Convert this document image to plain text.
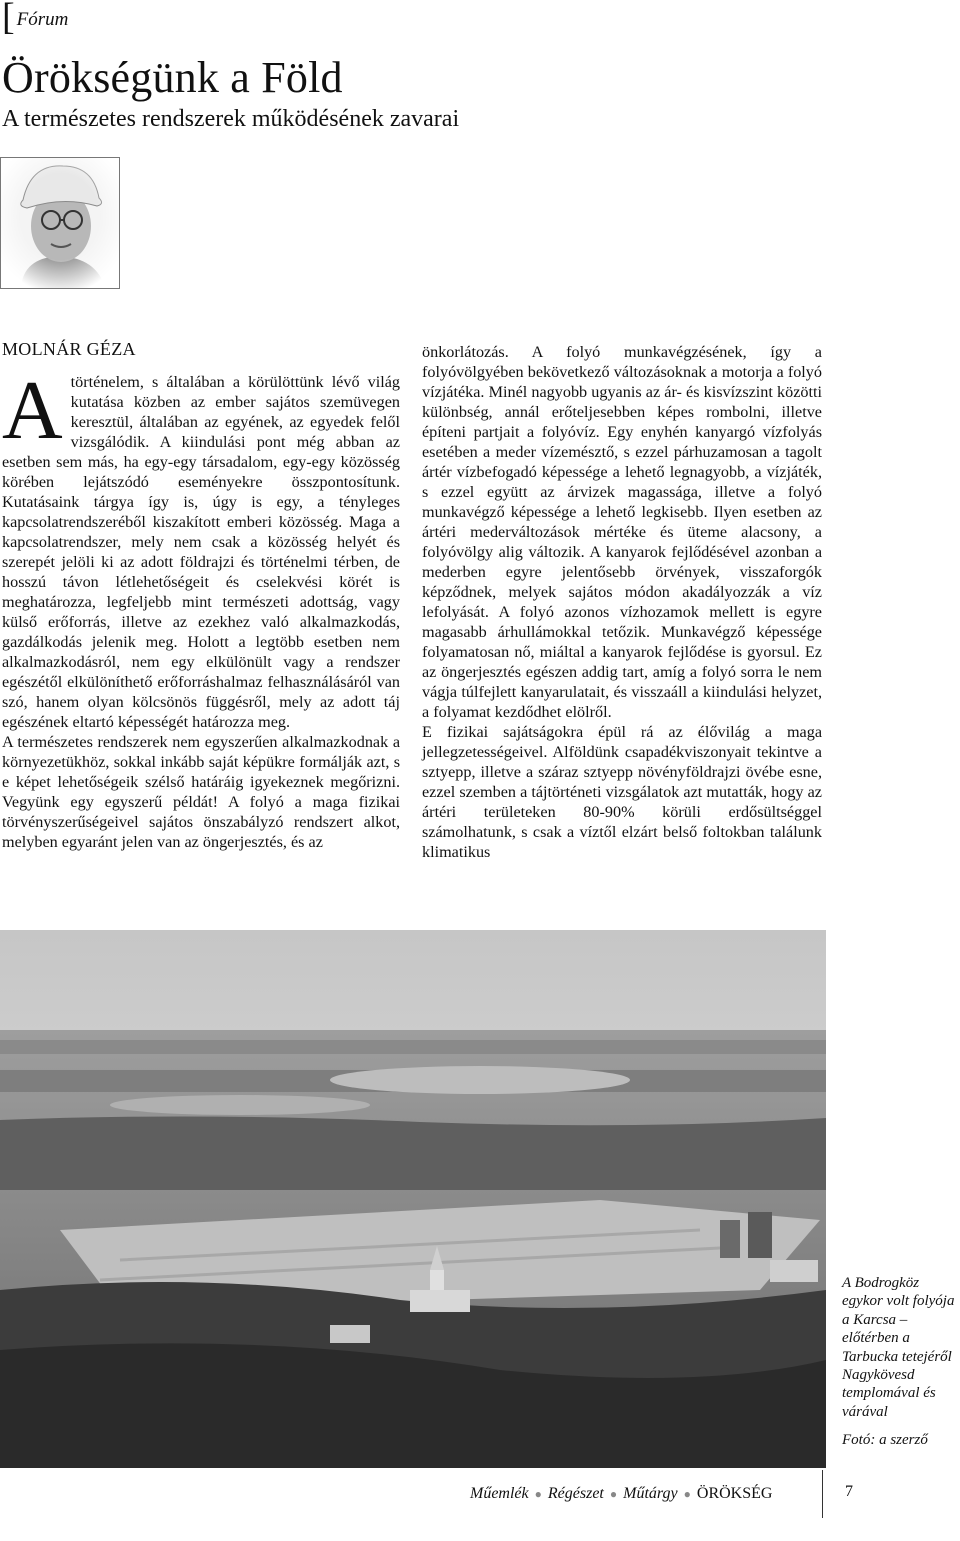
[ Fórum
Örökségünk a Föld
A természetes rendszerek működésének zavarai
MOLNÁR GÉZA

Atörténelem, s általában a körülöttünk lévő világ kutatása közben az ember sajátos szemüvegen keresztül, általában az egyének, az egyedek felől vizsgálódik. A kiindulási pont még abban az esetben sem más, ha egy-egy társadalom, egy-egy közösség körében lejátszódó eseményekre összpontosítunk. Kutatásaink tárgya így is, úgy is egy, a tényleges kapcsolatrendszeréből kiszakított emberi közösség. Maga a kapcsolatrendszer, mely nem csak a közösség helyét és szerepét jelöli ki az adott földrajzi és történelmi térben, de hosszú távon létlehetőségeit és cselekvési körét is meghatározza, legfeljebb mint természeti adottság, vagy külső erőforrás, illetve az ezekhez való alkalmazkodás, gazdálkodás jelenik meg. Holott a legtöbb esetben nem alkalmazkodásról, nem egy elkülönült vagy a rendszer egészétől elkülöníthető erőforráshalmaz felhasználásáról van szó, hanem olyan kölcsönös függésről, mely az adott táj egészének eltartó képességét határozza meg.

A természetes rendszerek nem egyszerűen alkalmazkodnak a környezetükhöz, sokkal inkább saját képükre formálják azt, s e képet lehetőségeik szélső határáig igyekeznek megőrizni. Vegyünk egy egyszerű példát! A folyó a maga fizikai törvényszerűségeivel sajátos önszabályzó rendszert alkot, melyben egyaránt jelen van az öngerjesztés, és az

önkorlátozás. A folyó munkavégzésének, így a folyóvölgyében bekövetkező változásoknak a motorja a folyó vízjátéka. Minél nagyobb ugyanis az ár- és kisvízszint közötti különbség, annál erőteljesebben képes rombolni, illetve építeni partjait a folyóvíz. Egy enyhén kanyargó vízfolyás esetében a meder vízemésztő, s ezzel párhuzamosan a tagolt ártér vízbefogadó képessége a lehető legnagyobb, a vízjáték, s ezzel együtt az árvizek magassága, illetve a folyó munkavégző képessége a lehető legkisebb. Ilyen esetben az ártéri mederváltozások mértéke és üteme alacsony, a folyóvölgy alig változik. A kanyarok fejlődésével azonban a mederben egyre jelentősebb örvények, visszaforgók képződnek, melyek sajátos módon akadályozzák a víz lefolyását. A folyó azonos vízhozamok mellett is egyre magasabb árhullámokkal tetőzik. Munkavégző képessége folyamatosan nő, miáltal a kanyarok fejlődése is gyorsul. Ez az öngerjesztés egészen addig tart, amíg a folyó sorra le nem vágja túlfejlett kanyarulatait, és visszaáll a kiindulási helyzet, a folyamat kezdődhet elölről.

E fizikai sajátságokra épül rá az élővilág a maga jellegzetességeivel. Alföldünk csapadékviszonyait tekintve a sztyepp, illetve a száraz sztyepp növényföldrajzi övébe esne, ezzel szemben a tájtörténeti vizsgálatok azt mutatták, hogy az ártéri területeken 80-90% körüli erdősültséggel számolhatunk, s csak a víztől elzárt belső foltokban találunk klimatikus

A Bodrogköz egykor volt folyója a Karcsa – előtérben a Tarbucka tetejéről Nagykövesd templomával és várával
Fotó: a szerző
Műemlék ● Régészet ● Műtárgy ● ÖRÖKSÉG	7
